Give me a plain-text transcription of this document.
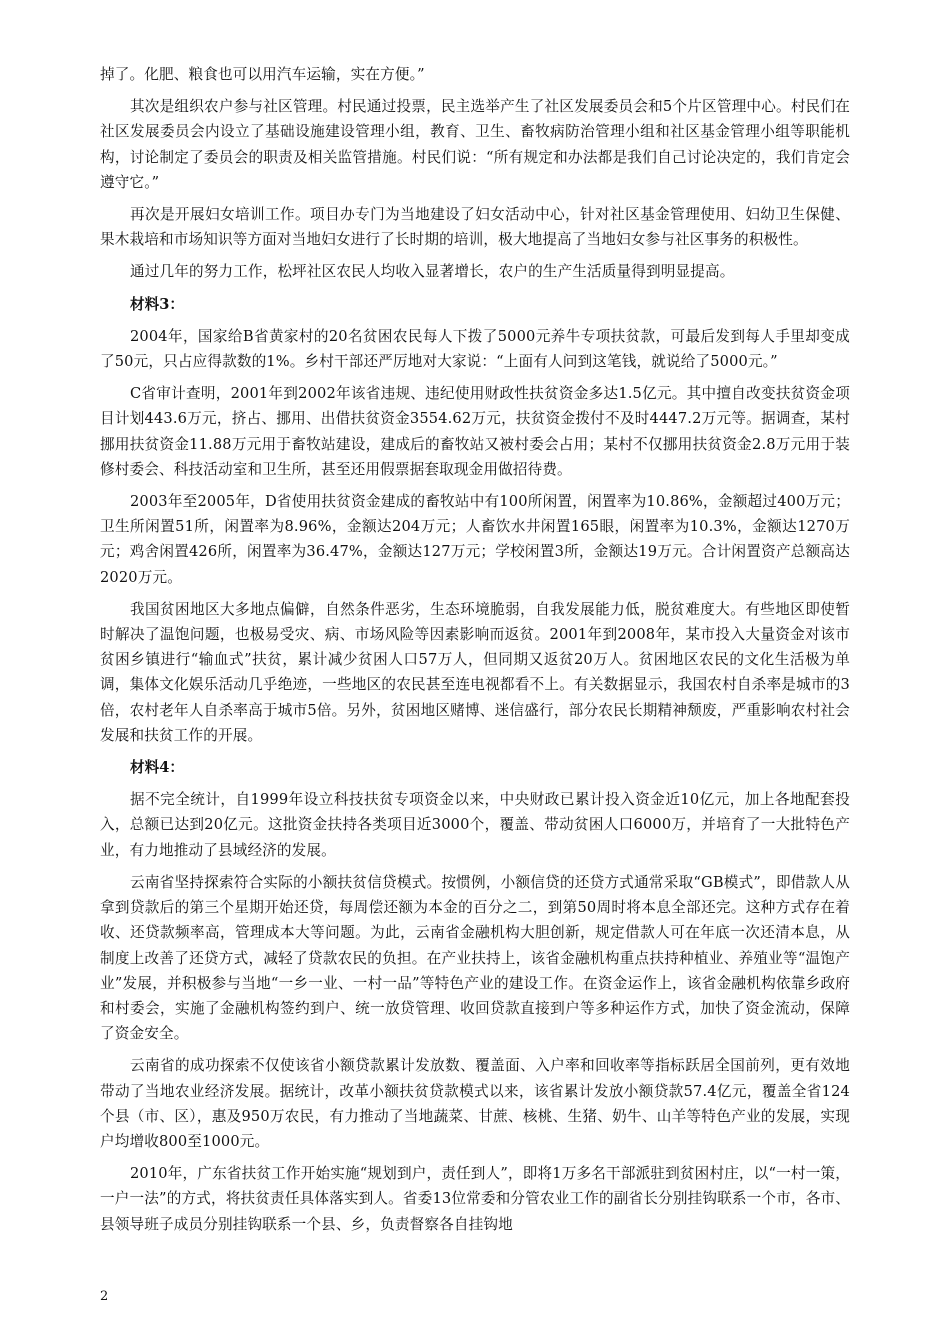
掉了。化肥、粮食也可以用汽车运输，实在方便。”

其次是组织农户参与社区管理。村民通过投票，民主选举产生了社区发展委员会和5个片区管理中心。村民们在社区发展委员会内设立了基础设施建设管理小组，教育、卫生、畜牧病防治管理小组和社区基金管理小组等职能机构，讨论制定了委员会的职责及相关监管措施。村民们说：“所有规定和办法都是我们自己讨论决定的，我们肯定会遵守它。”

再次是开展妇女培训工作。项目办专门为当地建设了妇女活动中心，针对社区基金管理使用、妇幼卫生保健、果木栽培和市场知识等方面对当地妇女进行了长时期的培训，极大地提高了当地妇女参与社区事务的积极性。

通过几年的努力工作，松坪社区农民人均收入显著增长，农户的生产生活质量得到明显提高。

材料3：

2004年，国家给B省黄家村的20名贫困农民每人下拨了5000元养牛专项扶贫款，可最后发到每人手里却变成了50元，只占应得款数的1%。乡村干部还严厉地对大家说：“上面有人问到这笔钱，就说给了5000元。”

C省审计查明，2001年到2002年该省违规、违纪使用财政性扶贫资金多达1.5亿元。其中擅自改变扶贫资金项目计划443.6万元，挤占、挪用、出借扶贫资金3554.62万元，扶贫资金拨付不及时4447.2万元等。据调查，某村挪用扶贫资金11.88万元用于畜牧站建设，建成后的畜牧站又被村委会占用；某村不仅挪用扶贫资金2.8万元用于装修村委会、科技活动室和卫生所，甚至还用假票据套取现金用做招待费。

2003年至2005年，D省使用扶贫资金建成的畜牧站中有100所闲置，闲置率为10.86%，金额超过400万元；卫生所闲置51所，闲置率为8.96%，金额达204万元；人畜饮水井闲置165眼，闲置率为10.3%，金额达1270万元；鸡舍闲置426所，闲置率为36.47%，金额达127万元；学校闲置3所，金额达19万元。合计闲置资产总额高达2020万元。

我国贫困地区大多地点偏僻，自然条件恶劣，生态环境脆弱，自我发展能力低，脱贫难度大。有些地区即使暂时解决了温饱问题，也极易受灾、病、市场风险等因素影响而返贫。2001年到2008年，某市投入大量资金对该市贫困乡镇进行“输血式”扶贫，累计减少贫困人口57万人，但同期又返贫20万人。贫困地区农民的文化生活极为单调，集体文化娱乐活动几乎绝迹，一些地区的农民甚至连电视都看不上。有关数据显示，我国农村自杀率是城市的3倍，农村老年人自杀率高于城市5倍。另外，贫困地区赌博、迷信盛行，部分农民长期精神颓废，严重影响农村社会发展和扶贫工作的开展。

材料4：

据不完全统计，自1999年设立科技扶贫专项资金以来，中央财政已累计投入资金近10亿元，加上各地配套投入，总额已达到20亿元。这批资金扶持各类项目近3000个，覆盖、带动贫困人口6000万，并培育了一大批特色产业，有力地推动了县域经济的发展。

云南省坚持探索符合实际的小额扶贫信贷模式。按惯例，小额信贷的还贷方式通常采取“GB模式”，即借款人从拿到贷款后的第三个星期开始还贷，每周偿还额为本金的百分之二，到第50周时将本息全部还完。这种方式存在着收、还贷款频率高，管理成本大等问题。为此，云南省金融机构大胆创新，规定借款人可在年底一次还清本息，从制度上改善了还贷方式，减轻了贷款农民的负担。在产业扶持上，该省金融机构重点扶持种植业、养殖业等“温饱产业”发展，并积极参与当地“一乡一业、一村一品”等特色产业的建设工作。在资金运作上，该省金融机构依靠乡政府和村委会，实施了金融机构签约到户、统一放贷管理、收回贷款直接到户等多种运作方式，加快了资金流动，保障了资金安全。

云南省的成功探索不仅使该省小额贷款累计发放数、覆盖面、入户率和回收率等指标跃居全国前列，更有效地带动了当地农业经济发展。据统计，改革小额扶贫贷款模式以来，该省累计发放小额贷款57.4亿元，覆盖全省124个县（市、区），惠及950万农民，有力推动了当地蔬菜、甘蔗、核桃、生猪、奶牛、山羊等特色产业的发展，实现户均增收800至1000元。

2010年，广东省扶贫工作开始实施“规划到户，责任到人”，即将1万多名干部派驻到贫困村庄，以“一村一策，一户一法”的方式，将扶贫责任具体落实到人。省委13位常委和分管农业工作的副省长分别挂钩联系一个市，各市、县领导班子成员分别挂钩联系一个县、乡，负责督察各自挂钩地

2
